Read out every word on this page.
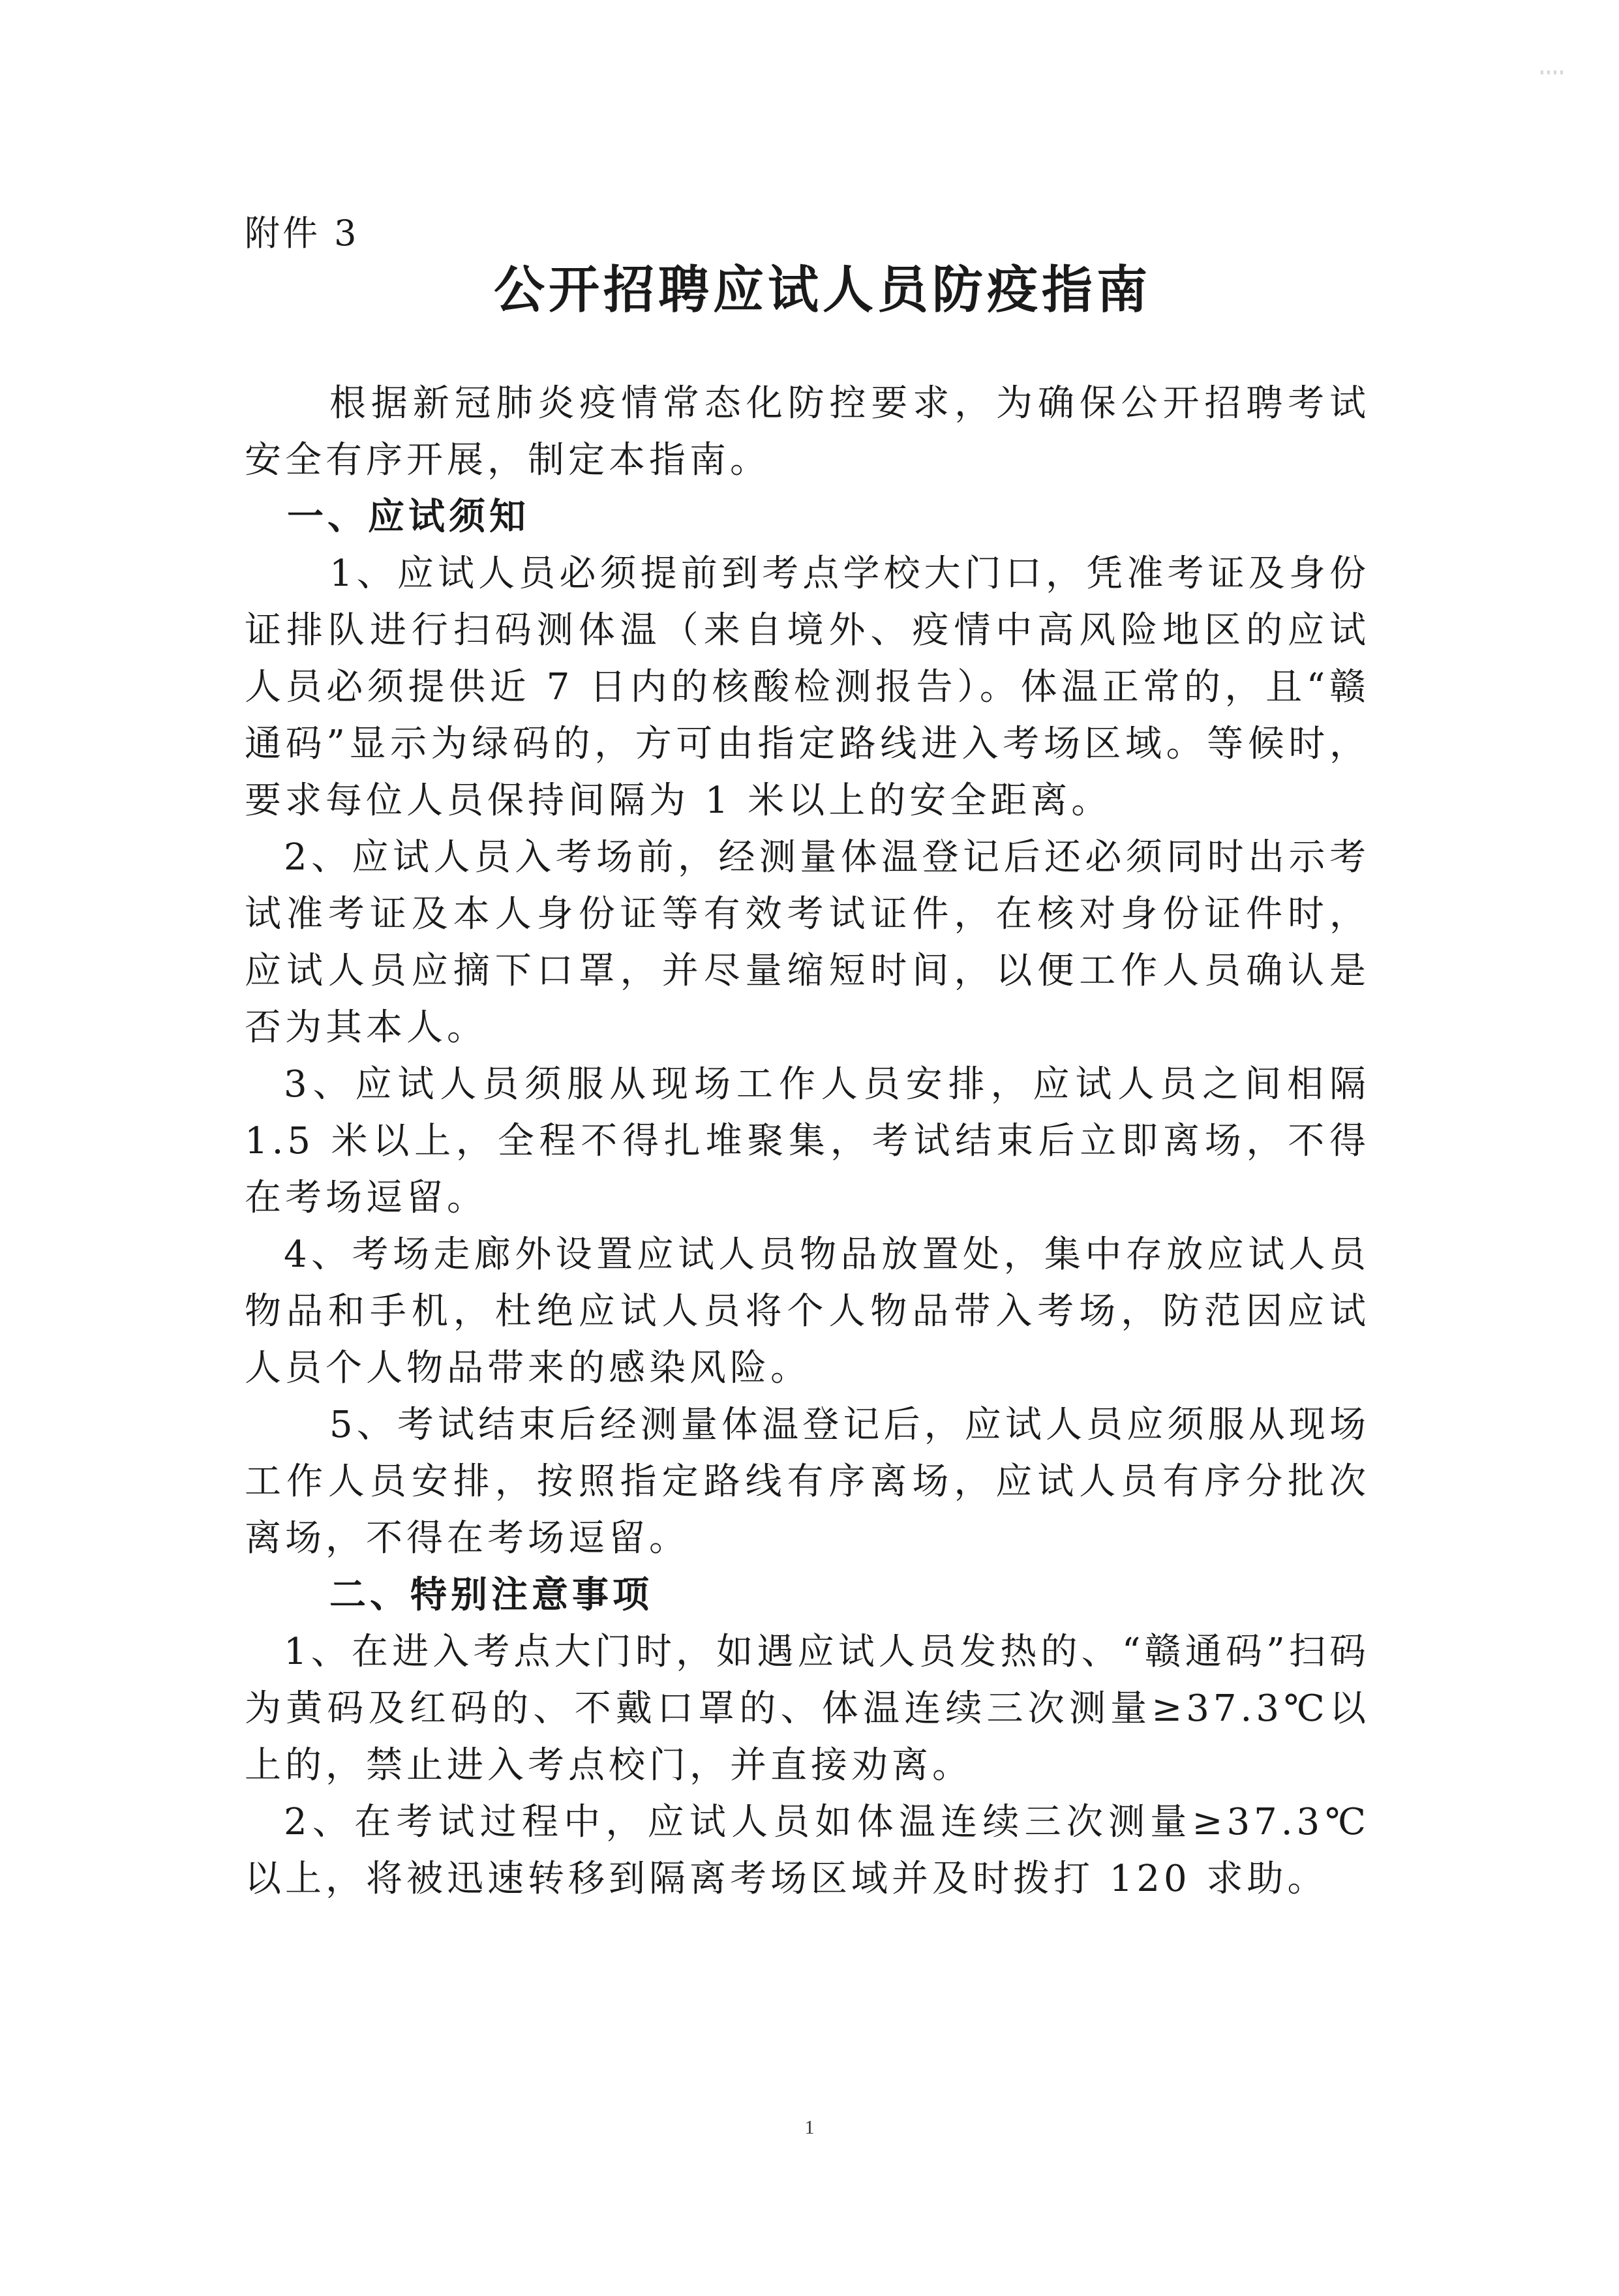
附件 3
公开招聘应试人员防疫指南

根据新冠肺炎疫情常态化防控要求，为确保公开招聘考试安全有序开展，制定本指南。

一、应试须知

1、应试人员必须提前到考点学校大门口，凭准考证及身份证排队进行扫码测体温（来自境外、疫情中高风险地区的应试人员必须提供近 7 日内的核酸检测报告）。体温正常的，且“赣通码”显示为绿码的，方可由指定路线进入考场区域。等候时，要求每位人员保持间隔为 1 米以上的安全距离。

2、应试人员入考场前，经测量体温登记后还必须同时出示考试准考证及本人身份证等有效考试证件，在核对身份证件时，应试人员应摘下口罩，并尽量缩短时间，以便工作人员确认是否为其本人。

3、应试人员须服从现场工作人员安排，应试人员之间相隔 1.5 米以上，全程不得扎堆聚集，考试结束后立即离场，不得在考场逗留。

4、考场走廊外设置应试人员物品放置处，集中存放应试人员物品和手机，杜绝应试人员将个人物品带入考场，防范因应试人员个人物品带来的感染风险。

5、考试结束后经测量体温登记后，应试人员应须服从现场工作人员安排，按照指定路线有序离场，应试人员有序分批次离场，不得在考场逗留。

二、特别注意事项

1、在进入考点大门时，如遇应试人员发热的、“赣通码”扫码为黄码及红码的、不戴口罩的、体温连续三次测量≥37.3℃以上的，禁止进入考点校门，并直接劝离。

2、在考试过程中，应试人员如体温连续三次测量≥37.3℃以上，将被迅速转移到隔离考场区域并及时拨打 120 求助。

1
